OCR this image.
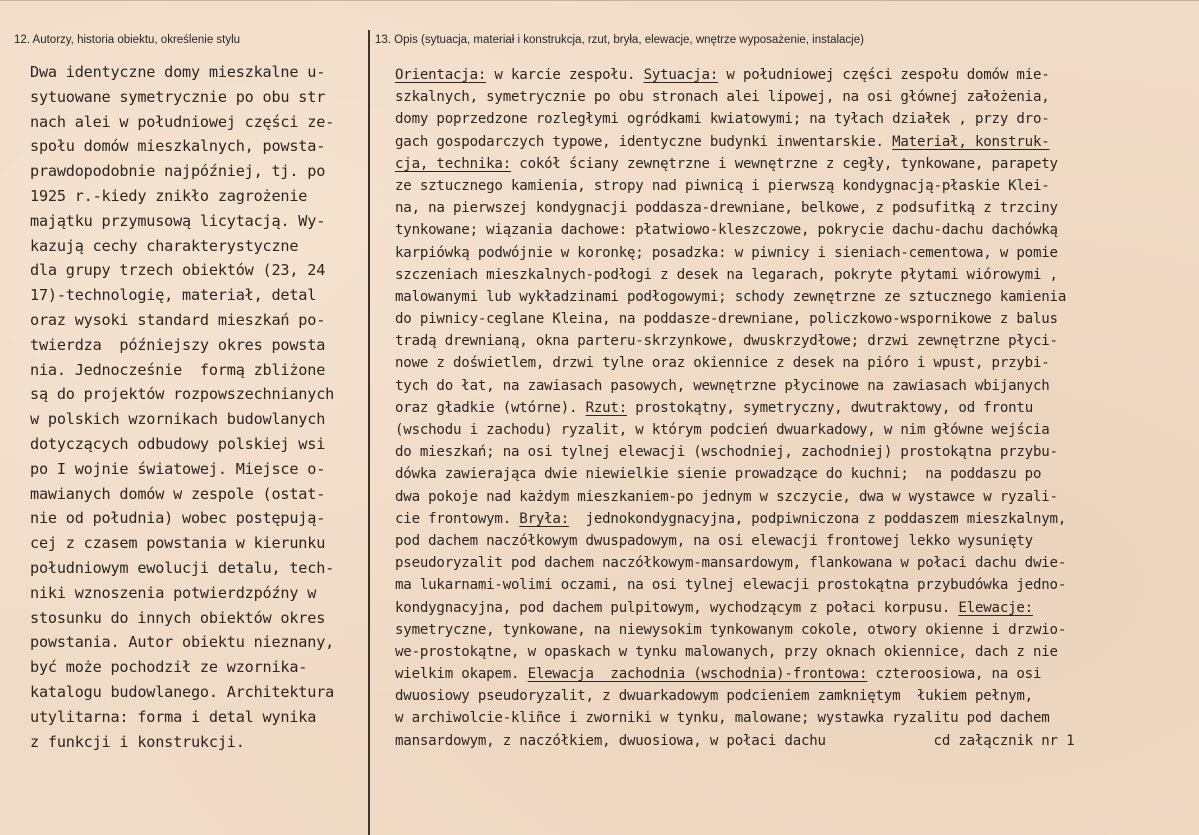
12. Autorzy, historia obiektu, określenie stylu	13. Opis (sytuacja, materiał i konstrukcja, rzut, bryła, elewacje, wnętrze wyposażenie, instalacje)
Dwa identyczne domy mieszkalne u-
sytuowane symetrycznie po obu str
nach alei w południowej części ze-
społu domów mieszkalnych, powsta-
prawdopodobnie najpóźniej, tj. po
1925 r.-kiedy znikło zagrożenie
majątku przymusową licytacją. Wy-
kazują cechy charakterystyczne
dla grupy trzech obiektów (23, 24
17)-technologię, materiał, detal
oraz wysoki standard mieszkań po-
twierdza  późniejszy okres powsta
nia. Jednocześnie  formą zbliżone
są do projektów rozpowszechnianych
w polskich wzornikach budowlanych
dotyczących odbudowy polskiej wsi
po I wojnie światowej. Miejsce o-
mawianych domów w zespole (ostat-
nie od południa) wobec postępują-
cej z czasem powstania w kierunku
południowym ewolucji detalu, tech-
niki wznoszenia potwierdzpóźny w
stosunku do innych obiektów okres
powstania. Autor obiektu nieznany,
być może pochodził ze wzornika-
katalogu budowlanego. Architektura
utylitarna: forma i detal wynika
z funkcji i konstrukcji.
Orientacja: w karcie zespołu. Sytuacja: w południowej części zespołu domów mie-
szkalnych, symetrycznie po obu stronach alei lipowej, na osi głównej założenia,
domy poprzedzone rozległymi ogródkami kwiatowymi; na tyłach działek , przy dro-
gach gospodarczych typowe, identyczne budynki inwentarskie. Materiał, konstruk-
cja, technika: cokół ściany zewnętrzne i wewnętrzne z cegły, tynkowane, parapety
ze sztucznego kamienia, stropy nad piwnicą i pierwszą kondygnacją-płaskie Klei-
na, na pierwszej kondygnacji poddasza-drewniane, belkowe, z podsufitką z trzciny
tynkowane; wiązania dachowe: płatwiowo-kleszczowe, pokrycie dachu-dachu dachówką
karpiówką podwójnie w koronkę; posadzka: w piwnicy i sieniach-cementowa, w pomie
szczeniach mieszkalnych-podłogi z desek na legarach, pokryte płytami wiórowymi ,
malowanymi lub wykładzinami podłogowymi; schody zewnętrzne ze sztucznego kamienia
do piwnicy-ceglane Kleina, na poddasze-drewniane, policzkowo-wspornikowe z balus
tradą drewnianą, okna parteru-skrzynkowe, dwuskrzydłowe; drzwi zewnętrzne płyci-
nowe z doświetlem, drzwi tylne oraz okiennice z desek na pióro i wpust, przybi-
tych do łat, na zawiasach pasowych, wewnętrzne płycinowe na zawiasach wbijanych
oraz gładkie (wtórne). Rzut: prostokątny, symetryczny, dwutraktowy, od frontu
(wschodu i zachodu) ryzalit, w którym podcień dwuarkadowy, w nim główne wejścia
do mieszkań; na osi tylnej elewacji (wschodniej, zachodniej) prostokątna przybu-
dówka zawierająca dwie niewielkie sienie prowadzące do kuchni;  na poddaszu po
dwa pokoje nad każdym mieszkaniem-po jednym w szczycie, dwa w wystawce w ryzali-
cie frontowym. Bryła:  jednokondygnacyjna, podpiwniczona z poddaszem mieszkalnym,
pod dachem naczółkowym dwuspadowym, na osi elewacji frontowej lekko wysunięty
pseudoryzalit pod dachem naczółkowym-mansardowym, flankowana w połaci dachu dwie-
ma lukarnami-wolimi oczami, na osi tylnej elewacji prostokątna przybudówka jedno-
kondygnacyjna, pod dachem pulpitowym, wychodzącym z połaci korpusu. Elewacje:
symetryczne, tynkowane, na niewysokim tynkowanym cokole, otwory okienne i drzwio-
we-prostokątne, w opaskach w tynku malowanych, przy oknach okiennice, dach z nie
wielkim okapem. Elewacja  zachodnia (wschodnia)-frontowa: czteroosiowa, na osi
dwuosiowy pseudoryzalit, z dwuarkadowym podcieniem zamkniętym  łukiem pełnym,
w archiwolcie-kliñce i zworniki w tynku, malowane; wystawka ryzalitu pod dachem
mansardowym, z naczółkiem, dwuosiowa, w połaci dachu             cd załącznik nr 1
